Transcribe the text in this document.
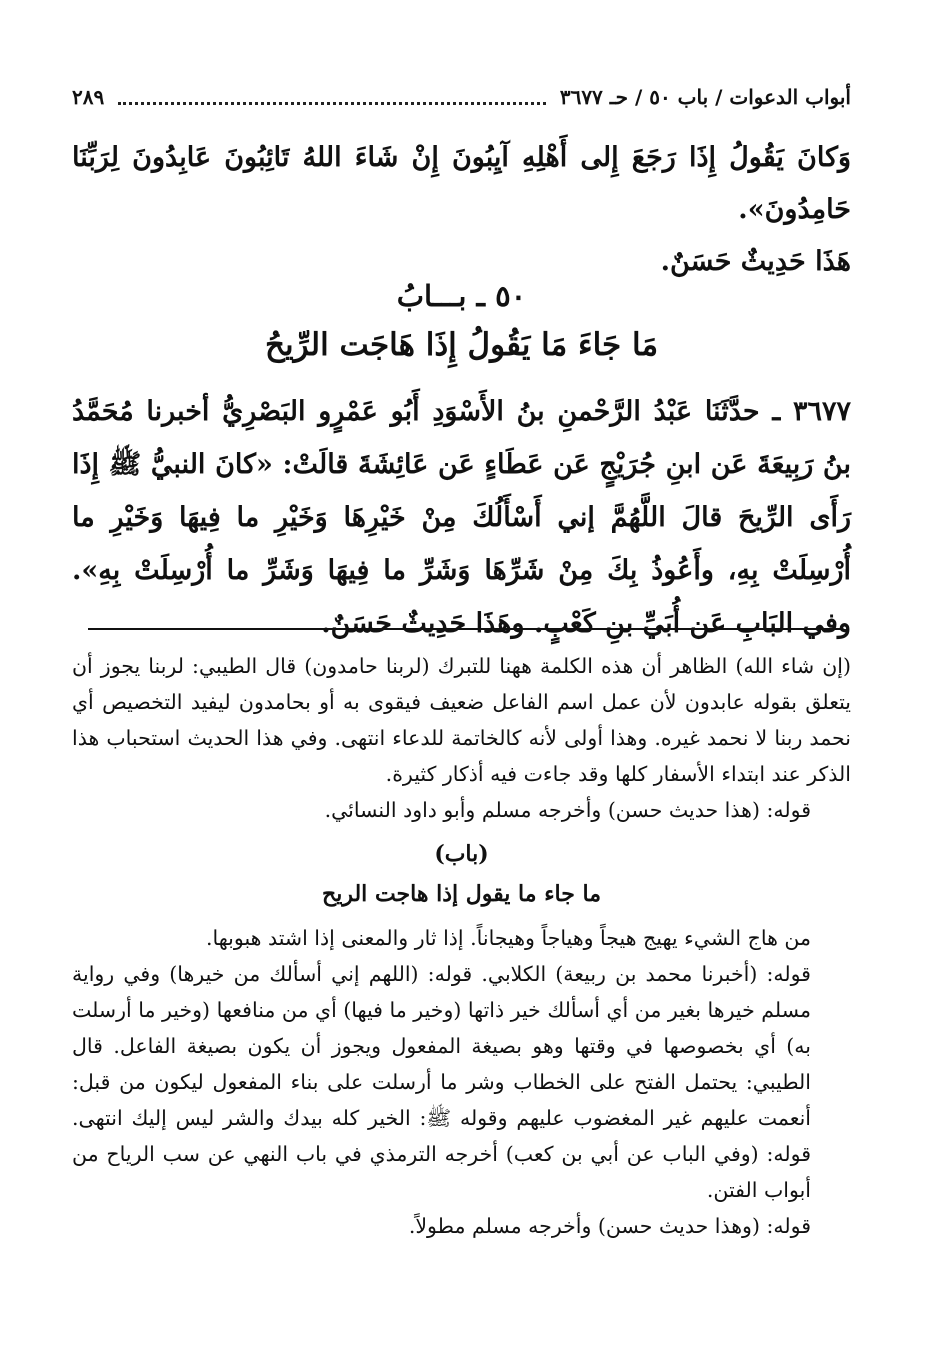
أبواب الدعوات / باب ٥٠ / حـ ٣٦٧٧
٢٨٩

وَكانَ يَقُولُ إِذَا رَجَعَ إِلى أَهْلِهِ آيِبُونَ إِنْ شَاءَ اللهُ تَائِبُونَ عَابِدُونَ لِرَبِّنَا حَامِدُونَ».

هَذَا حَدِيثٌ حَسَنٌ.

٥٠ ـ بـــابُ
مَا جَاءَ مَا يَقُولُ إِذَا هَاجَت الرِّيحُ

٣٦٧٧ ـ حدَّثَنَا عَبْدُ الرَّحْمنِ بنُ الأَسْوَدِ أَبُو عَمْرٍو البَصْرِيُّ أخبرنا مُحَمَّدُ بنُ رَبِيعَةَ عَن ابنِ جُرَيْجٍ عَن عَطَاءٍ عَن عَائِشَةَ قالَتْ: «كانَ النبيُّ ﷺ إِذَا رَأَى الرِّيحَ قالَ اللَّهُمَّ إني أَسْأَلُكَ مِنْ خَيْرِهَا وَخَيْرِ ما فِيهَا وَخَيْرِ ما أُرْسِلَتْ بِهِ، وأَعُوذُ بِكَ مِنْ شَرِّهَا وَشَرِّ ما فِيهَا وَشَرِّ ما أُرْسِلَتْ بِهِ». وفي البَابِ عَن أُبَيِّ بنِ كَعْبٍ. وهَذَا حَدِيثٌ حَسَنٌ.

(إن شاء الله) الظاهر أن هذه الكلمة ههنا للتبرك (لربنا حامدون) قال الطيبي: لربنا يجوز أن يتعلق بقوله عابدون لأن عمل اسم الفاعل ضعيف فيقوى به أو بحامدون ليفيد التخصيص أي نحمد ربنا لا نحمد غيره. وهذا أولى لأنه كالخاتمة للدعاء انتهى. وفي هذا الحديث استحباب هذا الذكر عند ابتداء الأسفار كلها وقد جاءت فيه أذكار كثيرة.

قوله: (هذا حديث حسن) وأخرجه مسلم وأبو داود النسائي.

(باب)

ما جاء ما يقول إذا هاجت الريح

من هاج الشيء يهيج هيجاً وهياجاً وهيجاناً. إذا ثار والمعنى إذا اشتد هبوبها.

قوله: (أخبرنا محمد بن ربيعة) الكلابي. قوله: (اللهم إني أسألك من خيرها) وفي رواية مسلم خيرها بغير من أي أسألك خير ذاتها (وخير ما فيها) أي من منافعها (وخير ما أرسلت به) أي بخصوصها في وقتها وهو بصيغة المفعول ويجوز أن يكون بصيغة الفاعل. قال الطيبي: يحتمل الفتح على الخطاب وشر ما أرسلت على بناء المفعول ليكون من قبل: أنعمت عليهم غير المغضوب عليهم وقوله ﷺ: الخير كله بيدك والشر ليس إليك انتهى. قوله: (وفي الباب عن أبي بن كعب) أخرجه الترمذي في باب النهي عن سب الرياح من أبواب الفتن.

قوله: (وهذا حديث حسن) وأخرجه مسلم مطولاً.
